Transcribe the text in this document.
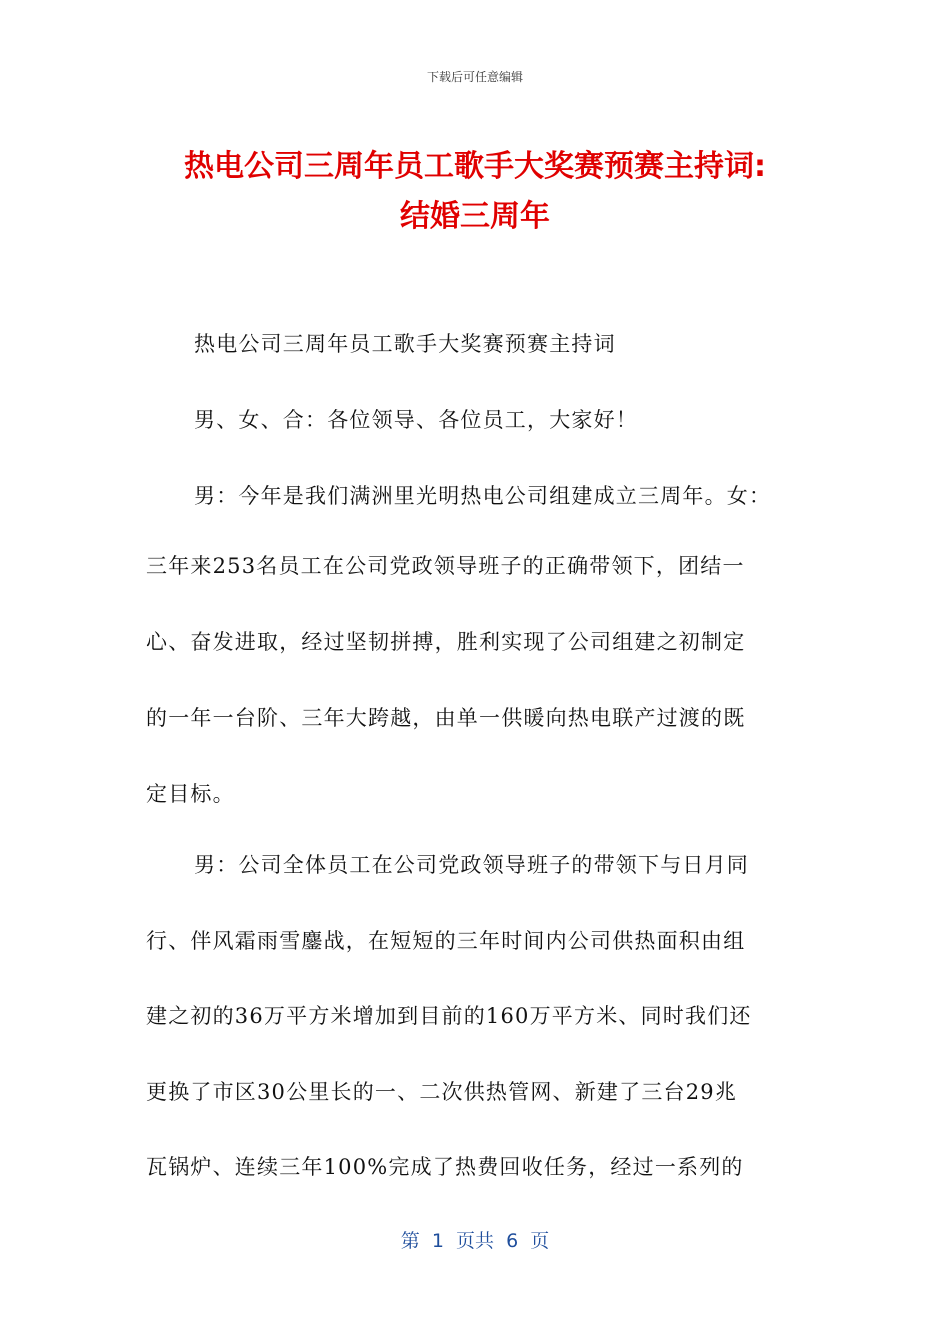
下载后可任意编辑
热电公司三周年员工歌手大奖赛预赛主持词:
结婚三周年
热电公司三周年员工歌手大奖赛预赛主持词
男、女、合：各位领导、各位员工，大家好！
男：今年是我们满洲里光明热电公司组建成立三周年。女：
三年来253名员工在公司党政领导班子的正确带领下，团结一
心、奋发进取，经过坚韧拼搏，胜利实现了公司组建之初制定
的一年一台阶、三年大跨越，由单一供暖向热电联产过渡的既
定目标。
男：公司全体员工在公司党政领导班子的带领下与日月同
行、伴风霜雨雪鏖战，在短短的三年时间内公司供热面积由组
建之初的36万平方米增加到目前的160万平方米、同时我们还
更换了市区30公里长的一、二次供热管网、新建了三台29兆
瓦锅炉、连续三年100%完成了热费回收任务，经过一系列的
第  1  页共  6  页
